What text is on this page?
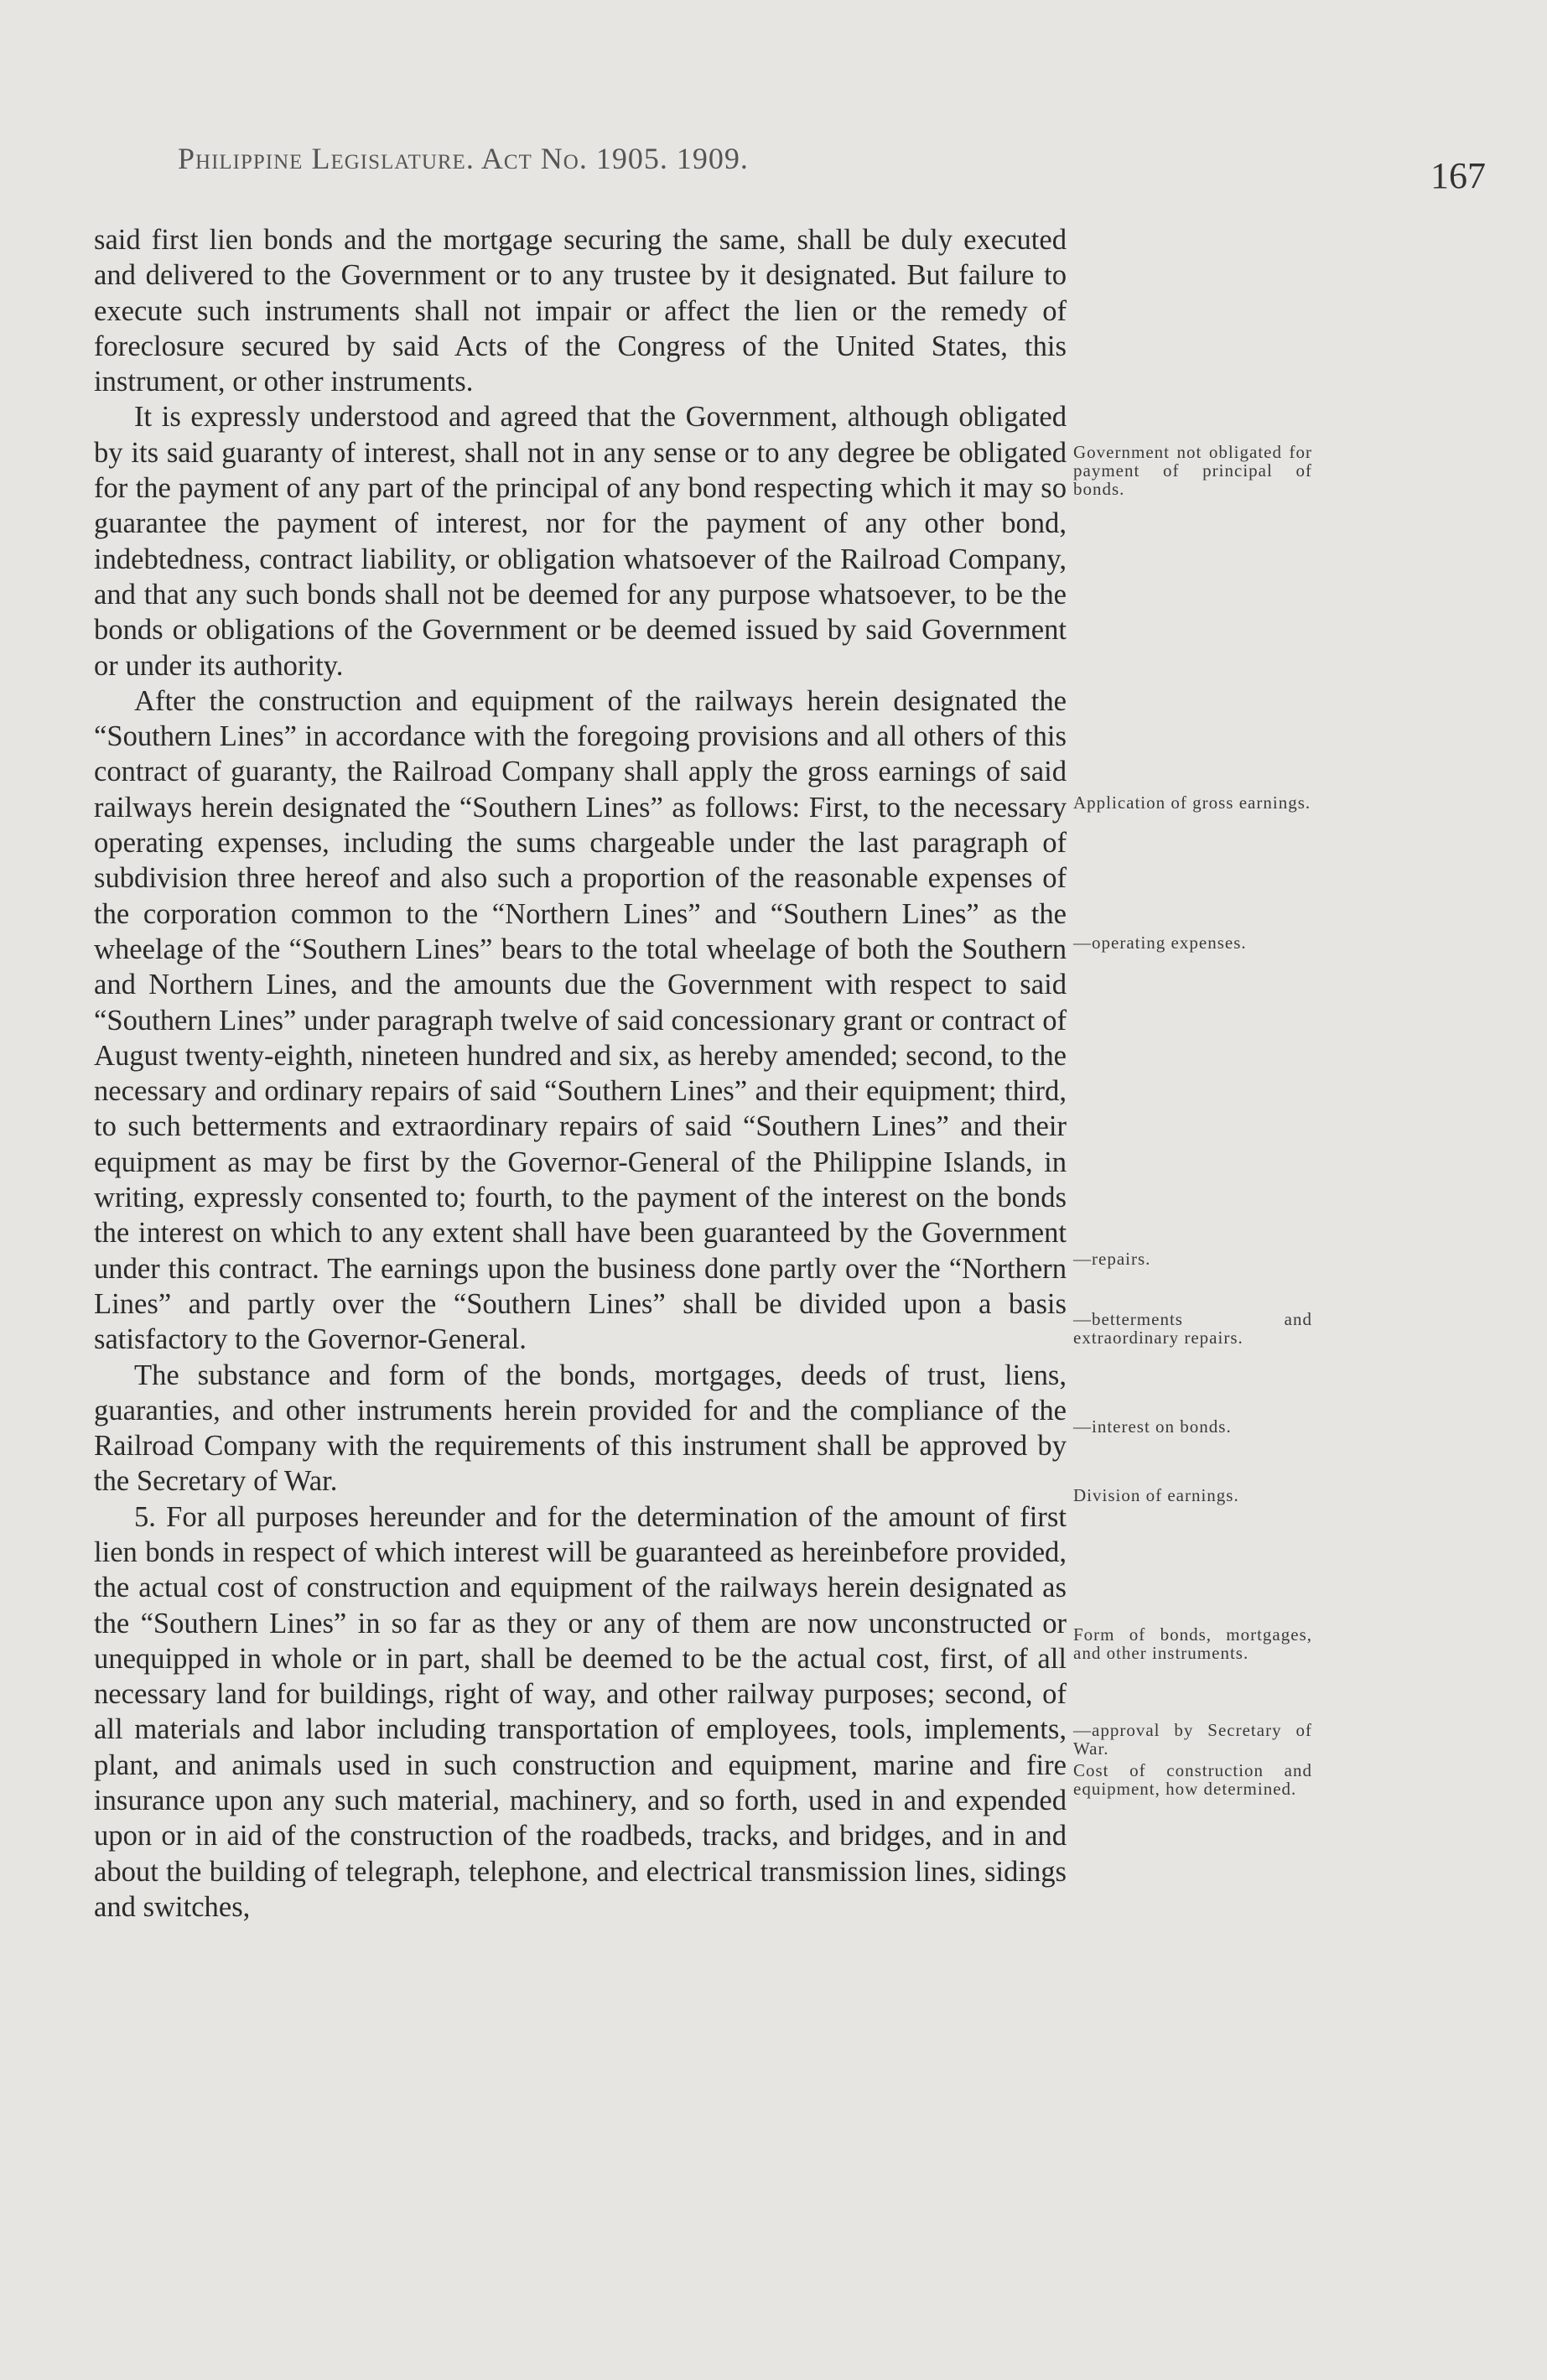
Philippine Legislature. Act No. 1905. 1909.	167

said first lien bonds and the mortgage securing the same, shall be duly executed and delivered to the Government or to any trustee by it designated. But failure to execute such instruments shall not impair or affect the lien or the remedy of foreclosure secured by said Acts of the Congress of the United States, this instrument, or other instruments.

It is expressly understood and agreed that the Government, although obligated by its said guaranty of interest, shall not in any sense or to any degree be obligated for the payment of any part of the principal of any bond respecting which it may so guarantee the payment of interest, nor for the payment of any other bond, indebtedness, contract liability, or obligation whatsoever of the Railroad Company, and that any such bonds shall not be deemed for any purpose whatsoever, to be the bonds or obligations of the Government or be deemed issued by said Government or under its authority.

After the construction and equipment of the railways herein designated the “Southern Lines” in accordance with the foregoing provisions and all others of this contract of guaranty, the Railroad Company shall apply the gross earnings of said railways herein designated the “Southern Lines” as follows: First, to the necessary operating expenses, including the sums chargeable under the last paragraph of subdivision three hereof and also such a proportion of the reasonable expenses of the corporation common to the “Northern Lines” and “Southern Lines” as the wheelage of the “Southern Lines” bears to the total wheelage of both the Southern and Northern Lines, and the amounts due the Government with respect to said “Southern Lines” under paragraph twelve of said concessionary grant or contract of August twenty-eighth, nineteen hundred and six, as hereby amended; second, to the necessary and ordinary repairs of said “Southern Lines” and their equipment; third, to such betterments and extraordinary repairs of said “Southern Lines” and their equipment as may be first by the Governor-General of the Philippine Islands, in writing, expressly consented to; fourth, to the payment of the interest on the bonds the interest on which to any extent shall have been guaranteed by the Government under this contract. The earnings upon the business done partly over the “Northern Lines” and partly over the “Southern Lines” shall be divided upon a basis satisfactory to the Governor-General.

The substance and form of the bonds, mortgages, deeds of trust, liens, guaranties, and other instruments herein provided for and the compliance of the Railroad Company with the requirements of this instrument shall be approved by the Secretary of War.

5. For all purposes hereunder and for the determination of the amount of first lien bonds in respect of which interest will be guaranteed as hereinbefore provided, the actual cost of construction and equipment of the railways herein designated as the “Southern Lines” in so far as they or any of them are now unconstructed or unequipped in whole or in part, shall be deemed to be the actual cost, first, of all necessary land for buildings, right of way, and other railway purposes; second, of all materials and labor including transportation of employees, tools, implements, plant, and animals used in such construction and equipment, marine and fire insurance upon any such material, machinery, and so forth, used in and expended upon or in aid of the construction of the roadbeds, tracks, and bridges, and in and about the building of telegraph, telephone, and electrical transmission lines, sidings and switches,

Government not obligated for payment of principal of bonds.
Application of gross earnings.
—operating expenses.
—repairs.
—betterments and extraordinary repairs.
—interest on bonds.
Division of earnings.
Form of bonds, mortgages, and other instruments.
—approval by Secretary of War.
Cost of construction and equipment, how determined.
